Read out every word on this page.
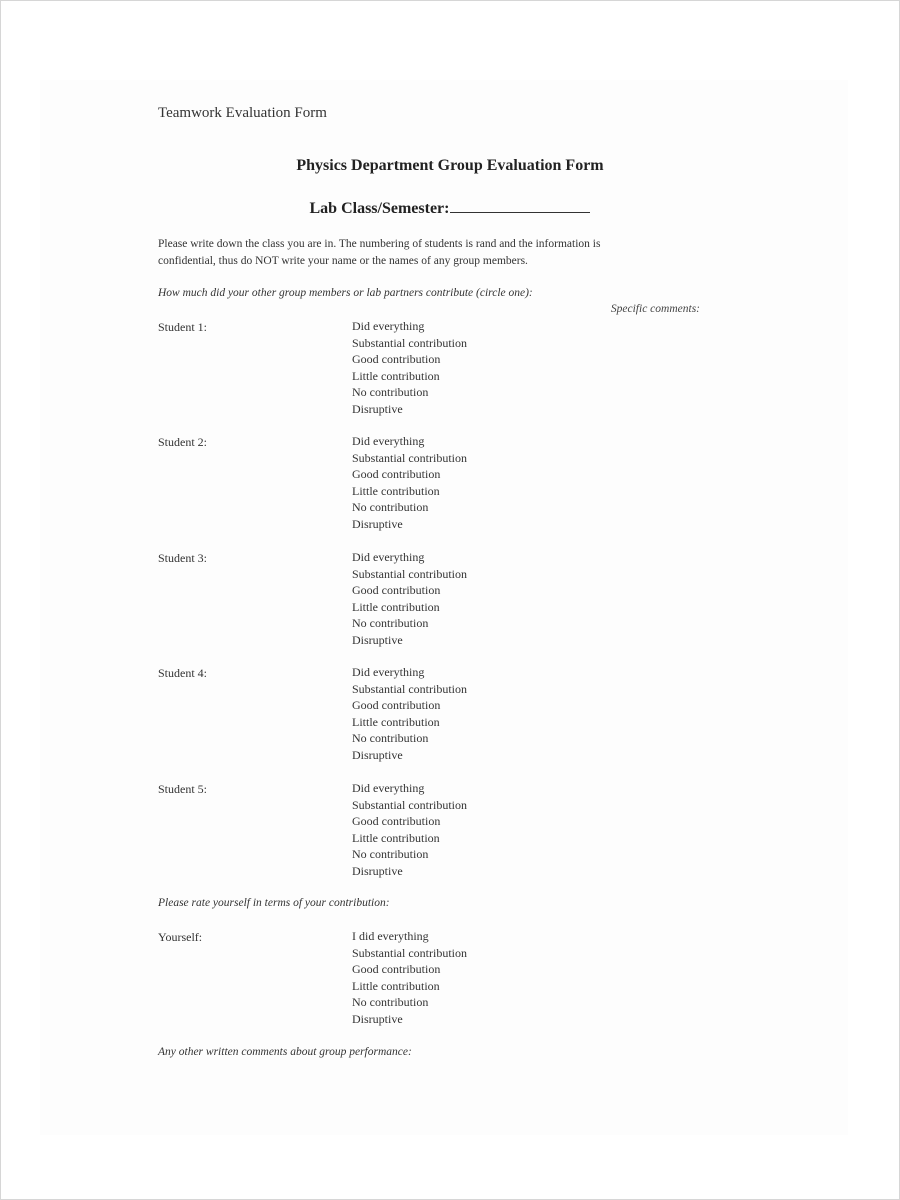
Teamwork Evaluation Form
Physics Department Group Evaluation Form
Lab Class/Semester:
Please write down the class you are in. The numbering of students is rand and the information is
confidential, thus do NOT write your name or the names of any group members.
How much did your other group members or lab partners contribute (circle one):
Specific comments:
Student 1:	Did everything
Substantial contribution
Good contribution
Little contribution
No contribution
Disruptive
Student 2:	Did everything
Substantial contribution
Good contribution
Little contribution
No contribution
Disruptive
Student 3:	Did everything
Substantial contribution
Good contribution
Little contribution
No contribution
Disruptive
Student 4:	Did everything
Substantial contribution
Good contribution
Little contribution
No contribution
Disruptive
Student 5:	Did everything
Substantial contribution
Good contribution
Little contribution
No contribution
Disruptive
Please rate yourself in terms of your contribution:
Yourself:	I did everything
Substantial contribution
Good contribution
Little contribution
No contribution
Disruptive
Any other written comments about group performance:
